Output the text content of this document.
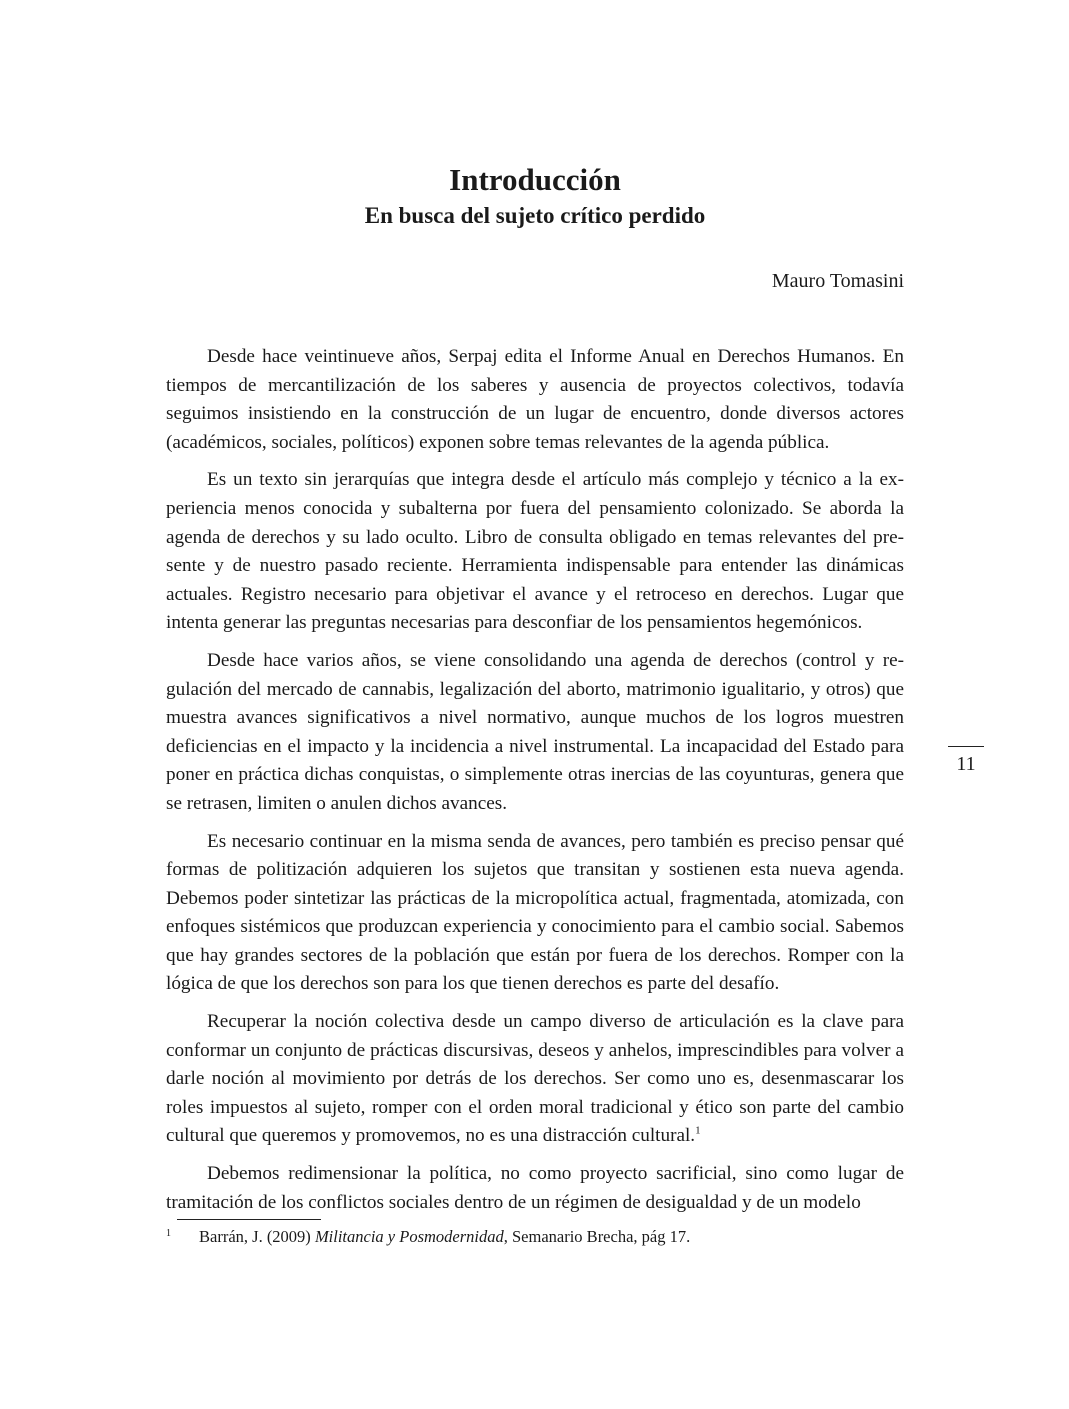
Introducción
En busca del sujeto crítico perdido
Mauro Tomasini

Desde hace veintinueve años, Serpaj edita el Informe Anual en Derechos Humanos. En tiempos de mercantilización de los saberes y ausencia de proyectos colectivos, todavía seguimos insistiendo en la construcción de un lugar de encuentro, donde diversos actores (académicos, sociales, políticos) exponen sobre temas relevantes de la agenda pública.

Es un texto sin jerarquías que integra desde el artículo más complejo y técnico a la experiencia menos conocida y subalterna por fuera del pensamiento colonizado. Se aborda la agenda de derechos y su lado oculto. Libro de consulta obligado en temas relevantes del presente y de nuestro pasado reciente. Herramienta indispensable para entender las dinámicas actuales. Registro necesario para objetivar el avance y el retroceso en derechos. Lugar que intenta generar las preguntas necesarias para desconfiar de los pensamientos hegemónicos.

Desde hace varios años, se viene consolidando una agenda de derechos (control y regulación del mercado de cannabis, legalización del aborto, matrimonio igualitario, y otros) que muestra avances significativos a nivel normativo, aunque muchos de los logros muestren deficiencias en el impacto y la incidencia a nivel instrumental. La incapacidad del Estado para poner en práctica dichas conquistas, o simplemente otras inercias de las coyunturas, genera que se retrasen, limiten o anulen dichos avances.

Es necesario continuar en la misma senda de avances, pero también es preciso pensar qué formas de politización adquieren los sujetos que transitan y sostienen esta nueva agenda. Debemos poder sintetizar las prácticas de la micropolítica actual, fragmentada, atomizada, con enfoques sistémicos que produzcan experiencia y conocimiento para el cambio social. Sabemos que hay grandes sectores de la población que están por fuera de los derechos. Romper con la lógica de que los derechos son para los que tienen derechos es parte del desafío.

Recuperar la noción colectiva desde un campo diverso de articulación es la clave para conformar un conjunto de prácticas discursivas, deseos y anhelos, imprescindibles para volver a darle noción al movimiento por detrás de los derechos. Ser como uno es, desenmascarar los roles impuestos al sujeto, romper con el orden moral tradicional y ético son parte del cambio cultural que queremos y promovemos, no es una distracción cultural.$^1$

Debemos redimensionar la política, no como proyecto sacrificial, sino como lugar de tramitación de los conflictos sociales dentro de un régimen de desigualdad y de un modelo

11
1 Barrán, J. (2009) Militancia y Posmodernidad, Semanario Brecha, pág 17.
